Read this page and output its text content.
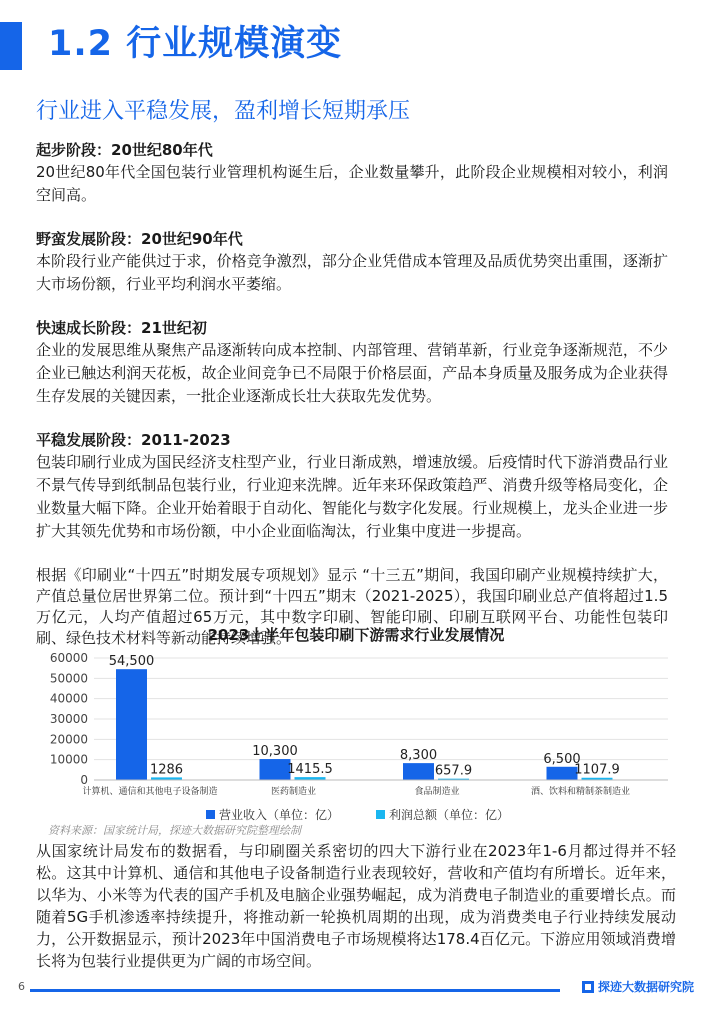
1.2 行业规模演变
行业进入平稳发展，盈利增长短期承压
起步阶段：20世纪80年代
20世纪80年代全国包装行业管理机构诞生后，企业数量攀升，此阶段企业规模相对较小，利润空间高。
野蛮发展阶段：20世纪90年代
本阶段行业产能供过于求，价格竞争激烈，部分企业凭借成本管理及品质优势突出重围，逐渐扩大市场份额，行业平均利润水平萎缩。
快速成长阶段：21世纪初
企业的发展思维从聚焦产品逐渐转向成本控制、内部管理、营销革新，行业竞争逐渐规范，不少企业已触达利润天花板，故企业间竞争已不局限于价格层面，产品本身质量及服务成为企业获得生存发展的关键因素，一批企业逐渐成长壮大获取先发优势。
平稳发展阶段：2011-2023
包装印刷行业成为国民经济支柱型产业，行业日渐成熟，增速放缓。后疫情时代下游消费品行业不景气传导到纸制品包装行业，行业迎来洗牌。近年来环保政策趋严、消费升级等格局变化，企业数量大幅下降。企业开始着眼于自动化、智能化与数字化发展。行业规模上，龙头企业进一步扩大其领先优势和市场份额，中小企业面临淘汰，行业集中度进一步提高。
根据《印刷业“十四五”时期发展专项规划》显示 “十三五”期间，我国印刷产业规模持续扩大，产值总量位居世界第二位。预计到“十四五”期末（2021-2025），我国印刷业总产值将超过1.5万亿元，人均产值超过65万元，其中数字印刷、智能印刷、印刷互联网平台、功能性包装印刷、绿色技术材料等新动能持续增强。
2023上半年包装印刷下游需求行业发展情况
0
10000
20000
30000
40000
50000
60000 54,500
1286
计算机、通信和其他电子设备制造
10,300
1415.5
医药制造业
8,300
657.9
食品制造业
6,500
1107.9
酒、饮料和精制茶制造业
营业收入（单位：亿）	利润总额（单位：亿）
资料来源：国家统计局，探迹大数据研究院整理绘制
从国家统计局发布的数据看，与印刷圈关系密切的四大下游行业在2023年1-6月都过得并不轻松。这其中计算机、通信和其他电子设备制造行业表现较好，营收和产值均有所增长。近年来，以华为、小米等为代表的国产手机及电脑企业强势崛起，成为消费电子制造业的重要增长点。而随着5G手机渗透率持续提升，将推动新一轮换机周期的出现，成为消费类电子行业持续发展动力，公开数据显示，预计2023年中国消费电子市场规模将达178.4百亿元。下游应用领域消费增长将为包装行业提供更为广阔的市场空间。
6	探迹大数据研究院
